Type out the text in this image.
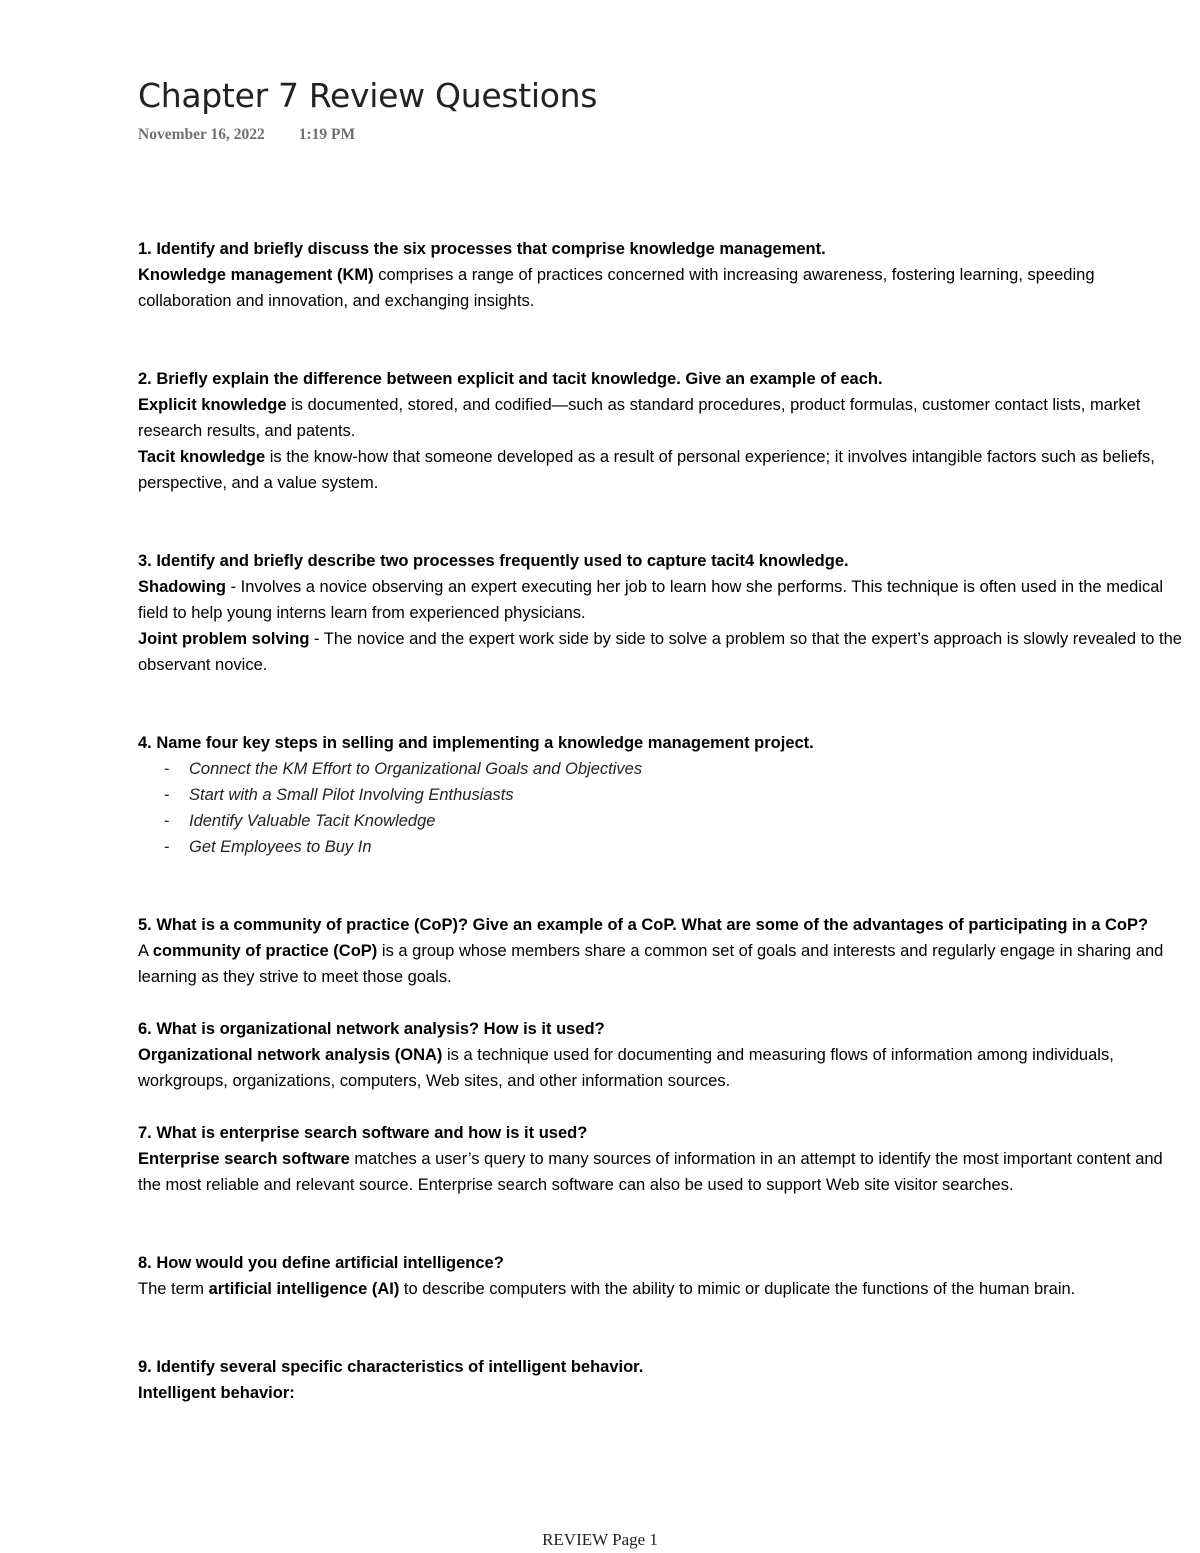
Chapter 7 Review Questions
November 16, 2022 1:19 PM

1. Identify and briefly discuss the six processes that comprise knowledge management.

Knowledge management (KM) comprises a range of practices concerned with increasing awareness, fostering learning, speeding collaboration and innovation, and exchanging insights.

2. Briefly explain the difference between explicit and tacit knowledge. Give an example of each.

Explicit knowledge is documented, stored, and codified—such as standard procedures, product formulas, customer contact lists, market research results, and patents.

Tacit knowledge is the know-how that someone developed as a result of personal experience; it involves intangible factors such as beliefs, perspective, and a value system.

3. Identify and briefly describe two processes frequently used to capture tacit4 knowledge.

Shadowing - Involves a novice observing an expert executing her job to learn how she performs. This technique is often used in the medical field to help young interns learn from experienced physicians.

Joint problem solving - The novice and the expert work side by side to solve a problem so that the expert’s approach is slowly revealed to the observant novice.

4. Name four key steps in selling and implementing a knowledge management project.

- Connect the KM Effort to Organizational Goals and Objectives
- Start with a Small Pilot Involving Enthusiasts
- Identify Valuable Tacit Knowledge
- Get Employees to Buy In

5. What is a community of practice (CoP)? Give an example of a CoP. What are some of the advantages of participating in a CoP?

A community of practice (CoP) is a group whose members share a common set of goals and interests and regularly engage in sharing and learning as they strive to meet those goals.

6. What is organizational network analysis? How is it used?

Organizational network analysis (ONA) is a technique used for documenting and measuring flows of information among individuals, workgroups, organizations, computers, Web sites, and other information sources.

7. What is enterprise search software and how is it used?

Enterprise search software matches a user’s query to many sources of information in an attempt to identify the most important content and the most reliable and relevant source. Enterprise search software can also be used to support Web site visitor searches.

8. How would you define artificial intelligence?

The term artificial intelligence (AI) to describe computers with the ability to mimic or duplicate the functions of the human brain.

9. Identify several specific characteristics of intelligent behavior.

Intelligent behavior:

REVIEW Page 1
